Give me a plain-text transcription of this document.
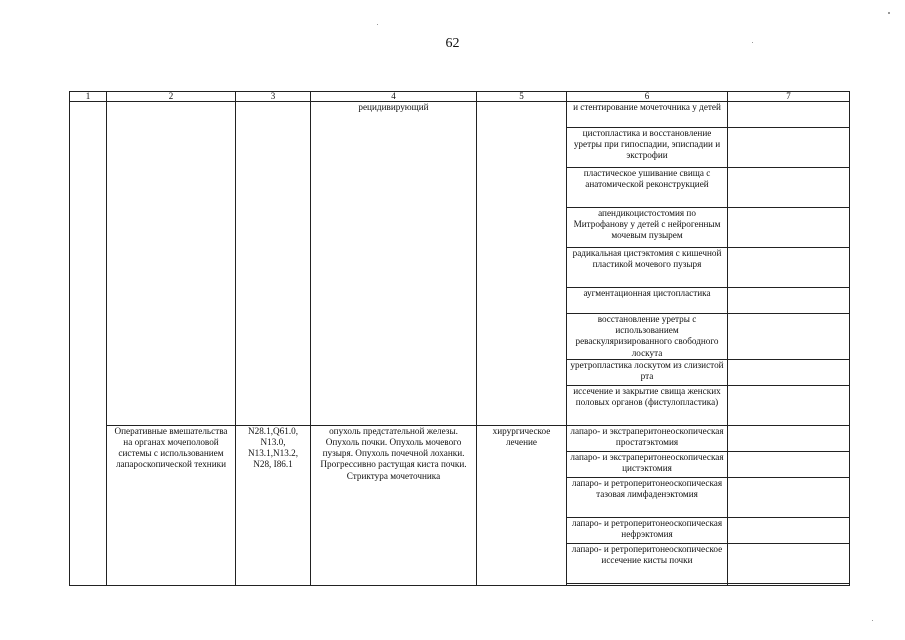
62
1	2	3	4	5	6	7
			рецидивирующий		и стентирование мочеточника у детей	

					цистопластика и восстановление уретры при гипоспадии, эписпадии и экстрофии	

					пластическое ушивание свища с анатомической реконструкцией	

					апендикоцистостомия по Митрофанову у детей с нейрогенным мочевым пузырем	

					радикальная цистэктомия с кишечной пластикой мочевого пузыря	

					аугментационная цистопластика	

					восстановление уретры с использованием реваскуляризированного свободного лоскута	

					уретропластика лоскутом из слизистой рта	

					иссечение и закрытие свища женских половых органов (фистулопластика)	

	Оперативные вмешательства на органах мочеполовой системы с использованием лапароскопической техники	N28.1,Q61.0, N13.0, N13.1,N13.2, N28, I86.1	опухоль предстательной железы. Опухоль почки. Опухоль мочевого пузыря. Опухоль почечной лоханки. Прогрессивно растущая киста почки. Стриктура мочеточника	хирургическое лечение	лапаро- и экстраперитонеоскопическая простатэктомия	

					лапаро- и экстраперитонеоскопическая цистэктомия	

					лапаро- и ретроперитонеоскопическая тазовая лимфаденэктомия	

					лапаро- и ретроперитонеоскопическая нефрэктомия	

					лапаро- и ретроперитонеоскопическое иссечение кисты почки	
